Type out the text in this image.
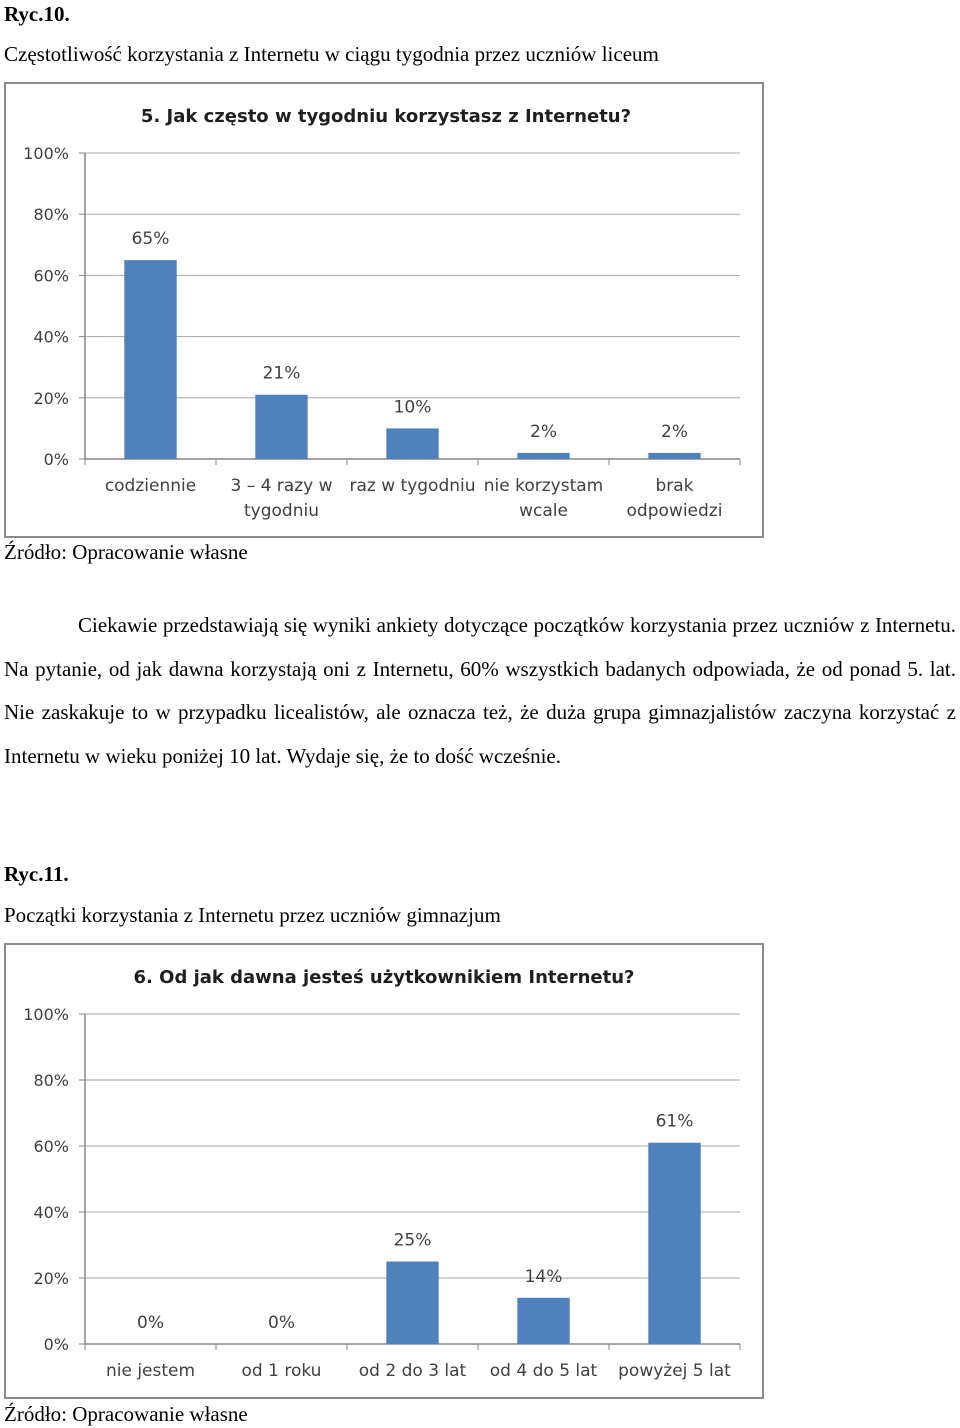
Ryc.10.
Częstotliwość korzystania z Internetu w ciągu tygodnia przez uczniów liceum
5. Jak często w tygodniu korzystasz z Internetu?
0%
20%
40%
60%
80%
100%
65%
codziennie
21%
3 – 4 razy w
tygodniu
10%
raz w tygodniu
2%
nie korzystam
wcale
2%
brak
odpowiedzi
Źródło: Opracowanie własne
Ciekawie przedstawiają się wyniki ankiety dotyczące początków korzystania przez uczniów z Internetu. Na pytanie, od jak dawna korzystają oni z Internetu, 60% wszystkich badanych odpowiada, że od ponad 5. lat. Nie zaskakuje to w przypadku licealistów, ale oznacza też, że duża grupa gimnazjalistów zaczyna korzystać z Internetu w wieku poniżej 10 lat. Wydaje się, że to dość wcześnie.
Ryc.11.
Początki korzystania z Internetu przez uczniów gimnazjum
6. Od jak dawna jesteś użytkownikiem Internetu?
0%
20%
40%
60%
80%
100%
0%
nie jestem
0%
od 1 roku
25%
od 2 do 3 lat
14%
od 4 do 5 lat
61%
powyżej 5 lat
Źródło: Opracowanie własne
